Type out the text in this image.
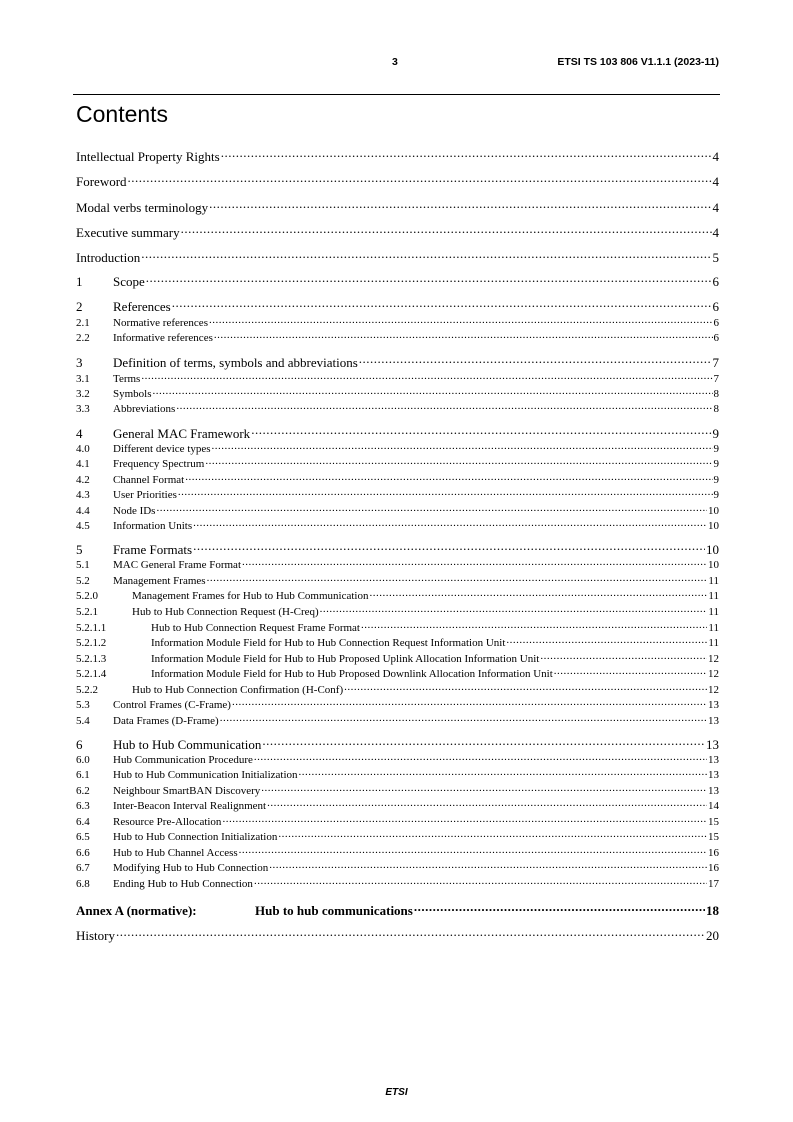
3	ETSI TS 103 806 V1.1.1 (2023-11)
Contents
Intellectual Property Rights .....	4
Foreword .....	4
Modal verbs terminology .....	4
Executive summary .....	4
Introduction .....	5
1	Scope .....	6
2	References .....	6
2.1	Normative references .....	6
2.2	Informative references .....	6
3	Definition of terms, symbols and abbreviations .....	7
3.1	Terms .....	7
3.2	Symbols .....	8
3.3	Abbreviations .....	8
4	General MAC Framework .....	9
4.0	Different device types .....	9
4.1	Frequency Spectrum .....	9
4.2	Channel Format .....	9
4.3	User Priorities .....	9
4.4	Node IDs .....	10
4.5	Information Units .....	10
5	Frame Formats .....	10
5.1	MAC General Frame Format .....	10
5.2	Management Frames .....	11
5.2.0	Management Frames for Hub to Hub Communication .....	11
5.2.1	Hub to Hub Connection Request (H-Creq) .....	11
5.2.1.1	Hub to Hub Connection Request Frame Format .....	11
5.2.1.2	Information Module Field for Hub to Hub Connection Request Information Unit .....	11
5.2.1.3	Information Module Field for Hub to Hub Proposed Uplink Allocation Information Unit .....	12
5.2.1.4	Information Module Field for Hub to Hub Proposed Downlink Allocation Information Unit .....	12
5.2.2	Hub to Hub Connection Confirmation (H-Conf) .....	12
5.3	Control Frames (C-Frame) .....	13
5.4	Data Frames (D-Frame) .....	13
6	Hub to Hub Communication .....	13
6.0	Hub Communication Procedure .....	13
6.1	Hub to Hub Communication Initialization .....	13
6.2	Neighbour SmartBAN Discovery .....	13
6.3	Inter-Beacon Interval Realignment .....	14
6.4	Resource Pre-Allocation .....	15
6.5	Hub to Hub Connection Initialization .....	15
6.6	Hub to Hub Channel Access .....	16
6.7	Modifying Hub to Hub Connection .....	16
6.8	Ending Hub to Hub Connection .....	17
Annex A (normative):	Hub to hub communications .....	18
History .....	20
ETSI
